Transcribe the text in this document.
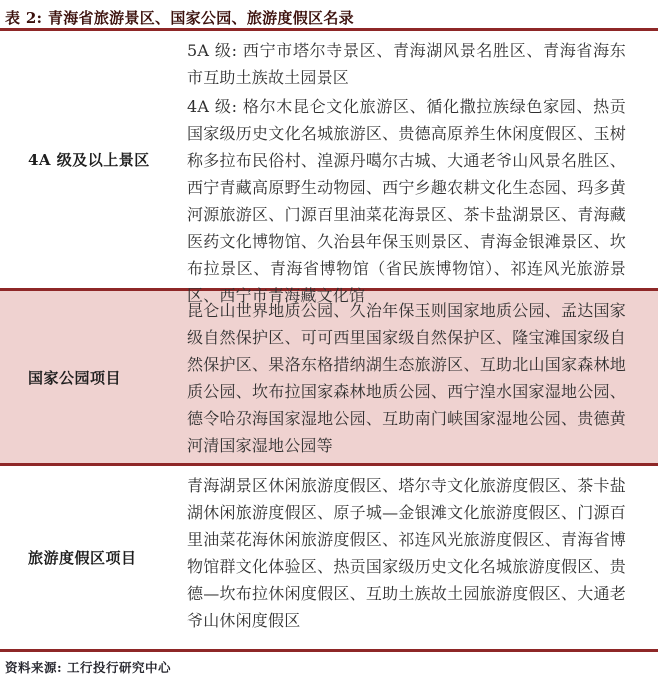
表 2: 青海省旅游景区、国家公园、旅游度假区名录
4A 级及以上景区

5A 级: 西宁市塔尔寺景区、青海湖风景名胜区、青海省海东市互助土族故土园景区

4A 级: 格尔木昆仑文化旅游区、循化撒拉族绿色家园、热贡国家级历史文化名城旅游区、贵德高原养生休闲度假区、玉树称多拉布民俗村、湟源丹噶尔古城、大通老爷山风景名胜区、西宁青藏高原野生动物园、西宁乡趣农耕文化生态园、玛多黄河源旅游区、门源百里油菜花海景区、茶卡盐湖景区、青海藏医药文化博物馆、久治县年保玉则景区、青海金银滩景区、坎布拉景区、青海省博物馆（省民族博物馆）、祁连风光旅游景区、西宁市青海藏文化馆

国家公园项目

昆仑山世界地质公园、久治年保玉则国家地质公园、孟达国家级自然保护区、可可西里国家级自然保护区、隆宝滩国家级自然保护区、果洛东格措纳湖生态旅游区、互助北山国家森林地质公园、坎布拉国家森林地质公园、西宁湟水国家湿地公园、德令哈尕海国家湿地公园、互助南门峡国家湿地公园、贵德黄河清国家湿地公园等

旅游度假区项目

青海湖景区休闲旅游度假区、塔尔寺文化旅游度假区、茶卡盐湖休闲旅游度假区、原子城—金银滩文化旅游度假区、门源百里油菜花海休闲旅游度假区、祁连风光旅游度假区、青海省博物馆群文化体验区、热贡国家级历史文化名城旅游度假区、贵德—坎布拉休闲度假区、互助土族故土园旅游度假区、大通老爷山休闲度假区

资料来源: 工行投行研究中心
